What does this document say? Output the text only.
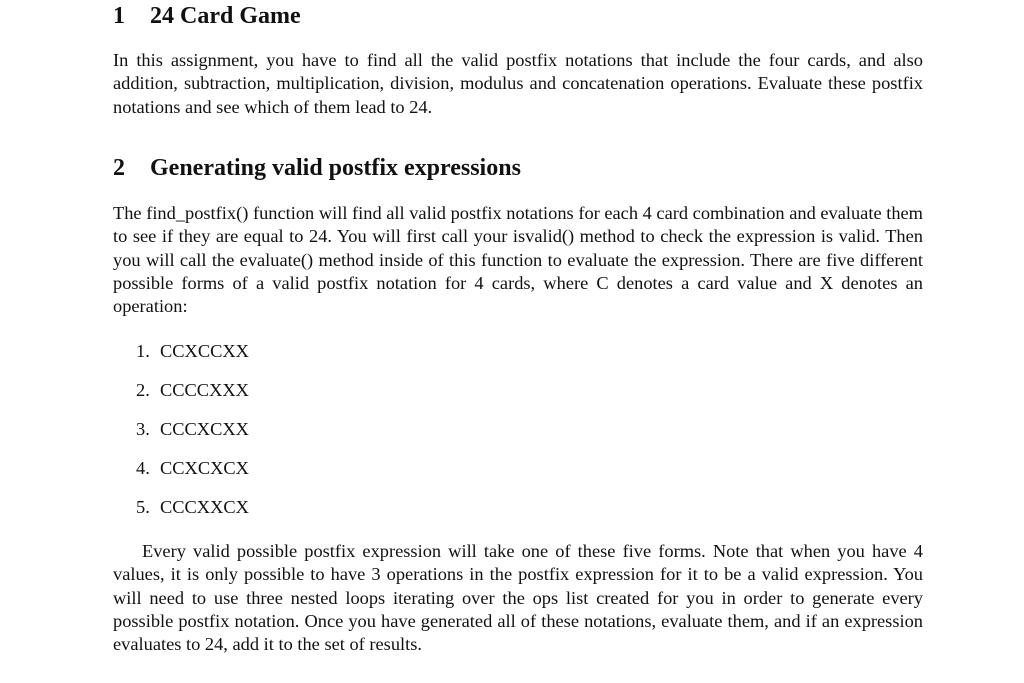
1 24 Card Game

In this assignment, you have to find all the valid postfix notations that include the four cards, and also addition, subtraction, multiplication, division, modulus and concatenation operations. Evaluate these postfix notations and see which of them lead to 24.

2 Generating valid postfix expressions

The find_postfix() function will find all valid postfix notations for each 4 card combination and evaluate them to see if they are equal to 24. You will first call your isvalid() method to check the expression is valid. Then you will call the evaluate() method inside of this function to evaluate the expression. There are five different possible forms of a valid postfix notation for 4 cards, where C denotes a card value and X denotes an operation:

1. CCXCCXX
2. CCCCXXX
3. CCCXCXX
4. CCXCXCX
5. CCCXXCX

Every valid possible postfix expression will take one of these five forms. Note that when you have 4 values, it is only possible to have 3 operations in the postfix expression for it to be a valid expression. You will need to use three nested loops iterating over the ops list created for you in order to generate every possible postfix notation. Once you have generated all of these notations, evaluate them, and if an expression evaluates to 24, add it to the set of results.
